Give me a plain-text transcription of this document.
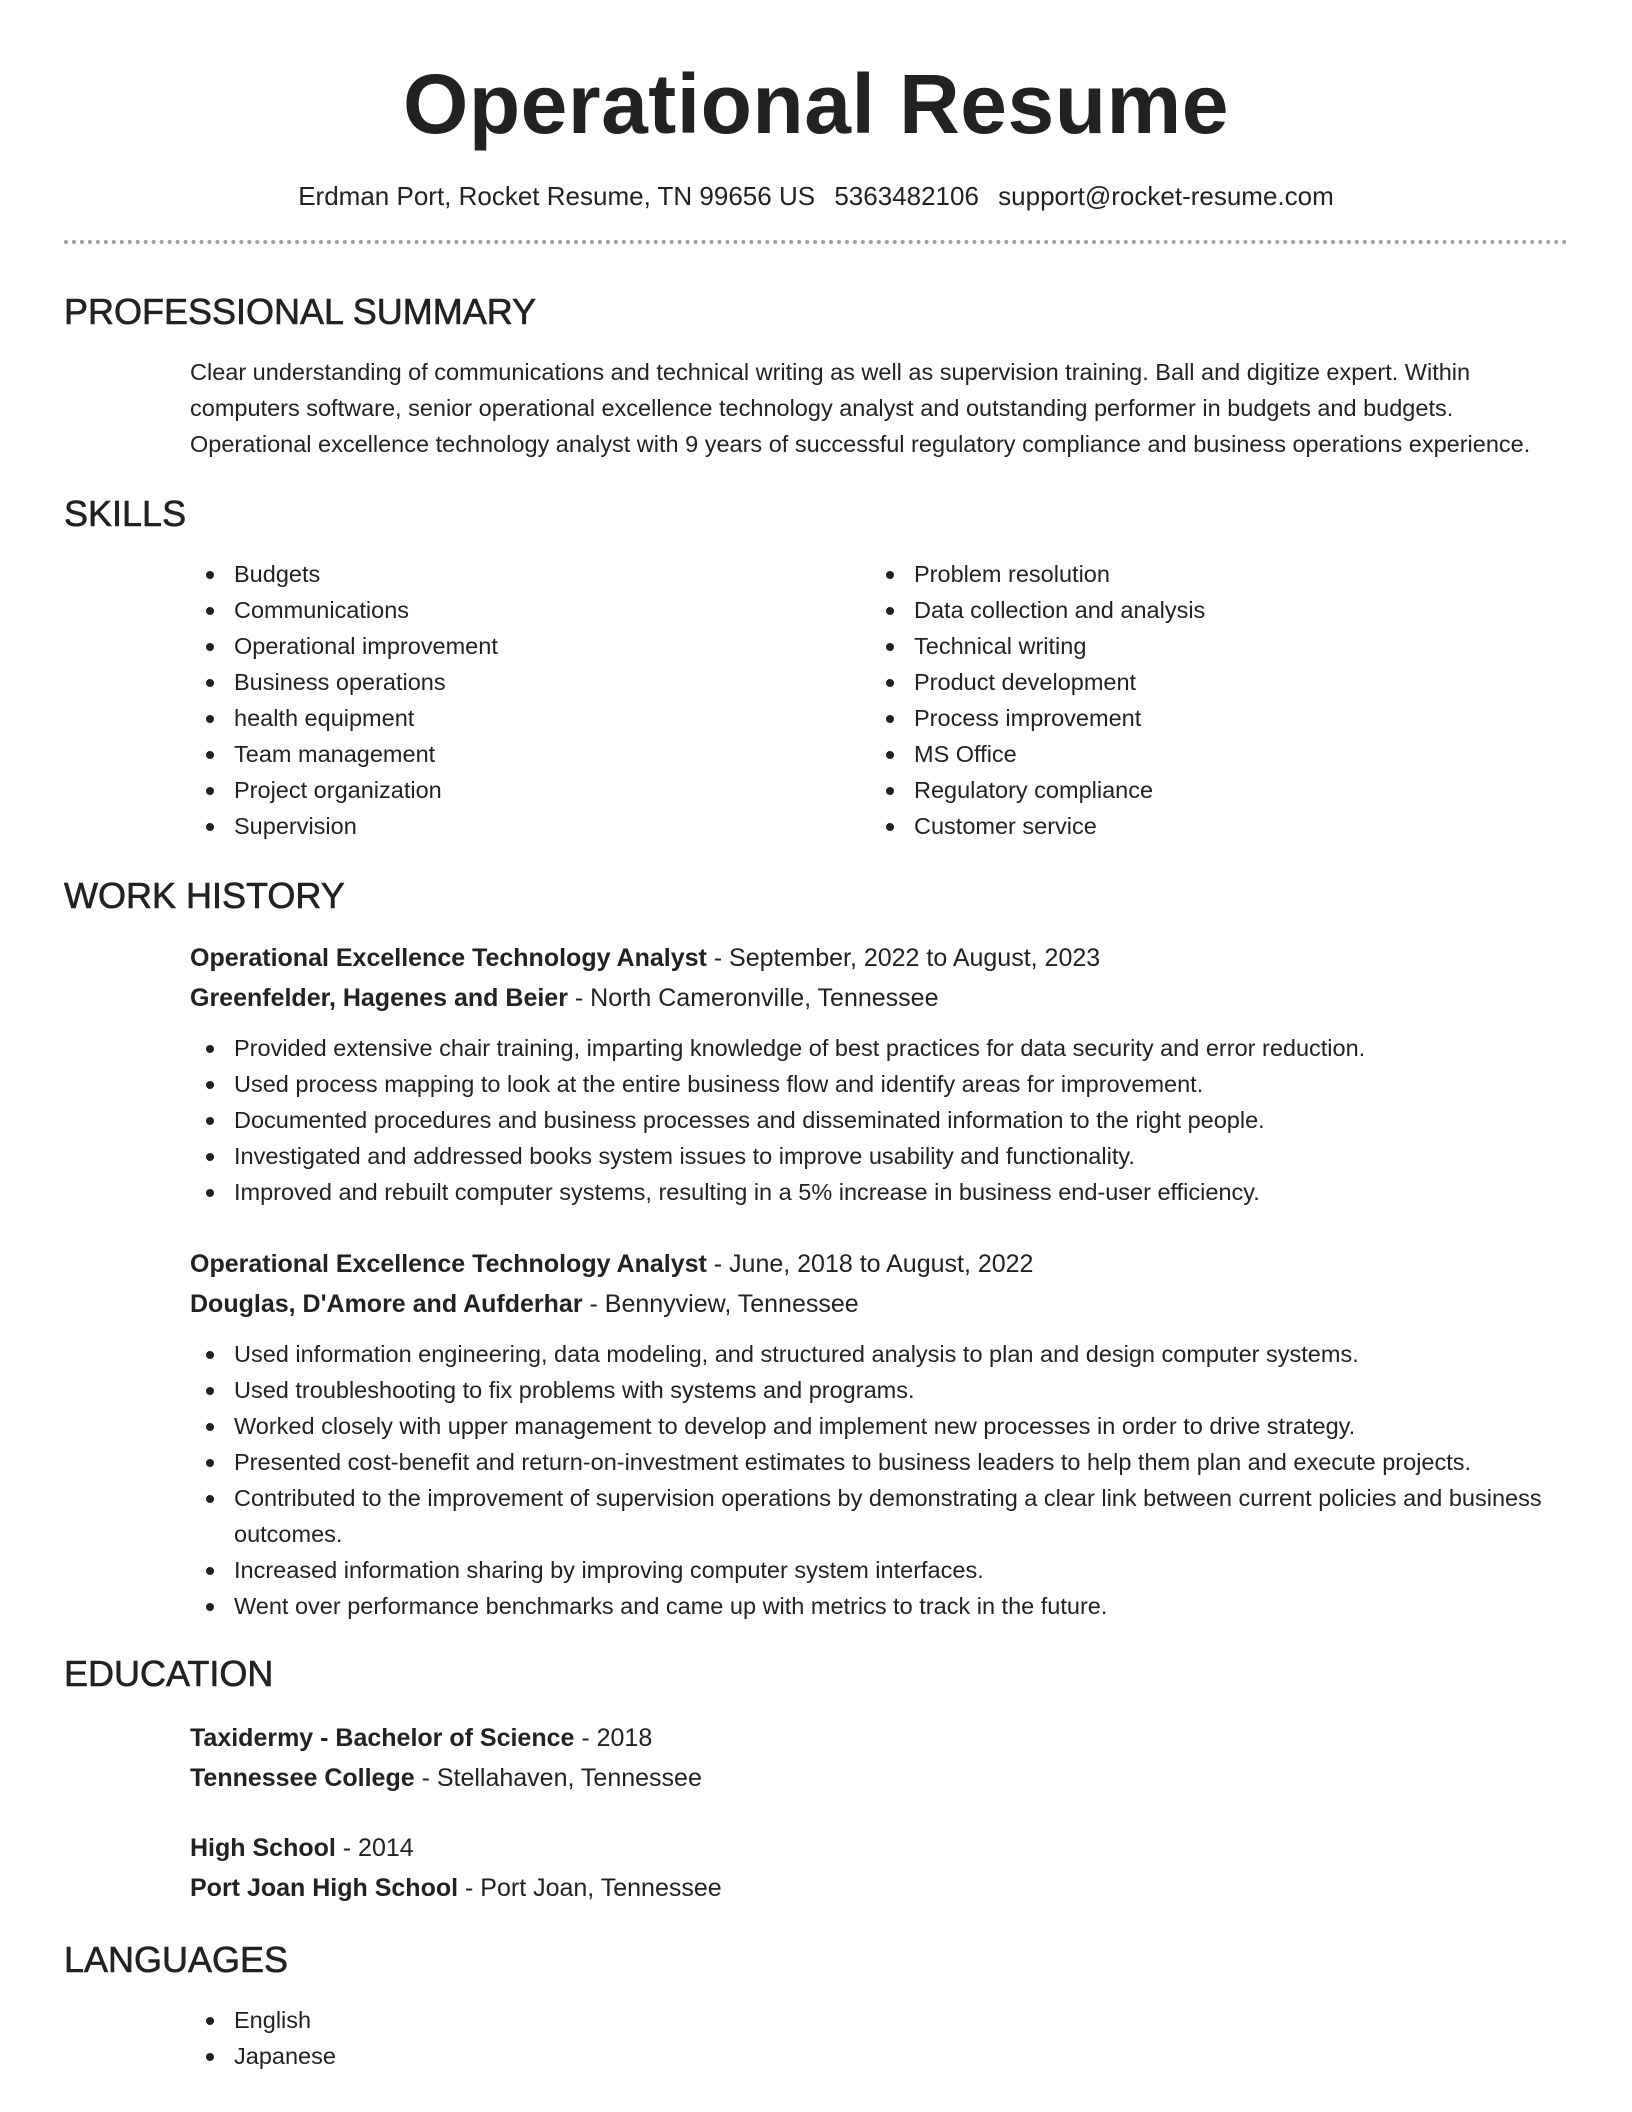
Operational Resume
Erdman Port, Rocket Resume, TN 99656 US 5363482106 support@rocket-resume.com
PROFESSIONAL SUMMARY

Clear understanding of communications and technical writing as well as supervision training. Ball and digitize expert. Within computers software, senior operational excellence technology analyst and outstanding performer in budgets and budgets. Operational excellence technology analyst with 9 years of successful regulatory compliance and business operations experience.

SKILLS
Budgets
Communications
Operational improvement
Business operations
health equipment
Team management
Project organization
Supervision
Problem resolution
Data collection and analysis
Technical writing
Product development
Process improvement
MS Office
Regulatory compliance
Customer service
WORK HISTORY
Operational Excellence Technology Analyst - September, 2022 to August, 2023
Greenfelder, Hagenes and Beier - North Cameronville, Tennessee
Provided extensive chair training, imparting knowledge of best practices for data security and error reduction.
Used process mapping to look at the entire business flow and identify areas for improvement.
Documented procedures and business processes and disseminated information to the right people.
Investigated and addressed books system issues to improve usability and functionality.
Improved and rebuilt computer systems, resulting in a 5% increase in business end-user efficiency.
Operational Excellence Technology Analyst - June, 2018 to August, 2022
Douglas, D'Amore and Aufderhar - Bennyview, Tennessee
Used information engineering, data modeling, and structured analysis to plan and design computer systems.
Used troubleshooting to fix problems with systems and programs.
Worked closely with upper management to develop and implement new processes in order to drive strategy.
Presented cost-benefit and return-on-investment estimates to business leaders to help them plan and execute projects.
Contributed to the improvement of supervision operations by demonstrating a clear link between current policies and business outcomes.
Increased information sharing by improving computer system interfaces.
Went over performance benchmarks and came up with metrics to track in the future.
EDUCATION
Taxidermy - Bachelor of Science - 2018
Tennessee College - Stellahaven, Tennessee
High School - 2014
Port Joan High School - Port Joan, Tennessee
LANGUAGES
English
Japanese
